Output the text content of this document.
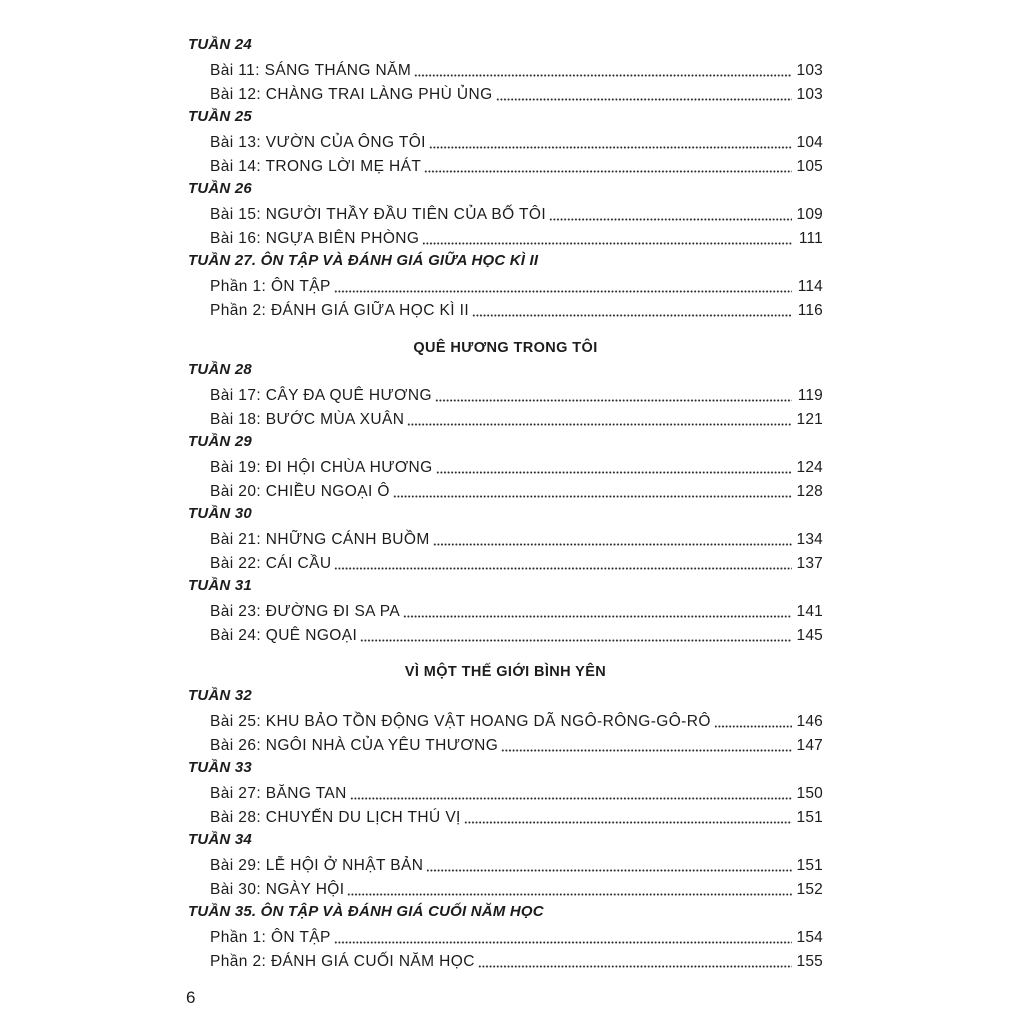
TUẦN 24
Bài 11: SÁNG THÁNG NĂM	103
Bài 12: CHÀNG TRAI LÀNG PHÙ ỦNG	103
TUẦN 25
Bài 13: VƯỜN CỦA ÔNG TÔI	104
Bài 14: TRONG LỜI MẸ HÁT	105
TUẦN 26
Bài 15: NGƯỜI THẦY ĐẦU TIÊN CỦA BỐ TÔI	109
Bài 16: NGỰA BIÊN PHÒNG	111
TUẦN 27. ÔN TẬP VÀ ĐÁNH GIÁ GIỮA HỌC KÌ II
Phần 1: ÔN TẬP	114
Phần 2: ĐÁNH GIÁ GIỮA HỌC KÌ II	116
QUÊ HƯƠNG TRONG TÔI
TUẦN 28
Bài 17: CÂY ĐA QUÊ HƯƠNG	119
Bài 18: BƯỚC MÙA XUÂN	121
TUẦN 29
Bài 19: ĐI HỘI CHÙA HƯƠNG	124
Bài 20: CHIỀU NGOẠI Ô	128
TUẦN 30
Bài 21: NHỮNG CÁNH BUỒM	134
Bài 22: CÁI CẦU	137
TUẦN 31
Bài 23: ĐƯỜNG ĐI SA PA	141
Bài 24: QUÊ NGOẠI	145
VÌ MỘT THẾ GIỚI BÌNH YÊN
TUẦN 32
Bài 25: KHU BẢO TỒN ĐỘNG VẬT HOANG DÃ NGÔ-RÔNG-GÔ-RÔ	146
Bài 26: NGÔI NHÀ CỦA YÊU THƯƠNG	147
TUẦN 33
Bài 27: BĂNG TAN	150
Bài 28: CHUYẾN DU LỊCH THÚ VỊ	151
TUẦN 34
Bài 29: LỄ HỘI Ở NHẬT BẢN	151
Bài 30: NGÀY HỘI	152
TUẦN 35. ÔN TẬP VÀ ĐÁNH GIÁ CUỐI NĂM HỌC
Phần 1: ÔN TẬP	154
Phần 2: ĐÁNH GIÁ CUỐI NĂM HỌC	155
6
